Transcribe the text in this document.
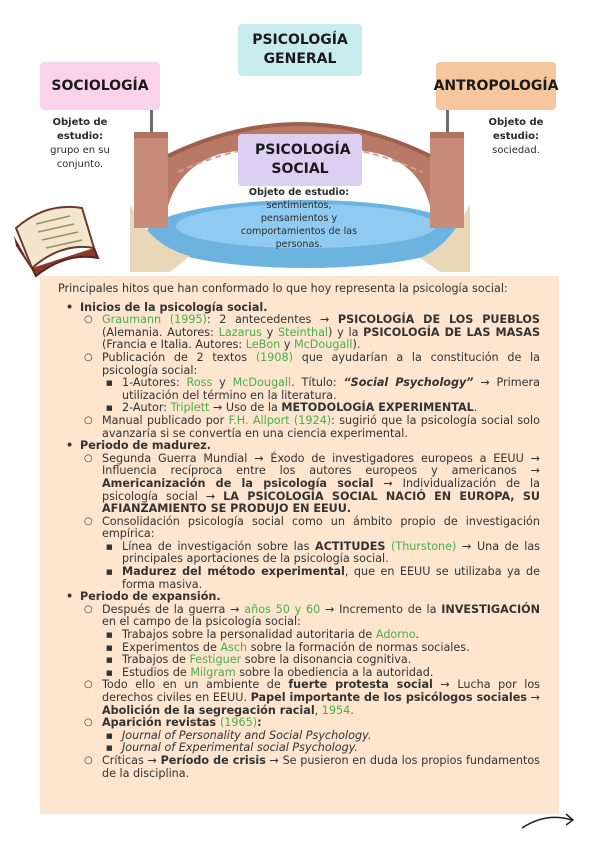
PSICOLOGÍA GENERAL
SOCIOLOGÍA	ANTROPOLOGÍA
PSICOLOGÍA SOCIAL
Objeto de estudio:
grupo en su conjunto.
Objeto de estudio:
sociedad.
Objeto de estudio:
sentimientos, pensamientos y comportamientos de las personas.

Principales hitos que han conformado lo que hoy representa la psicología social:

• Inicios de la psicología social.
○ Graumann (1995): 2 antecedentes → PSICOLOGÍA DE LOS PUEBLOS (Alemania. Autores: Lazarus y Steinthal) y la PSICOLOGÍA DE LAS MASAS (Francia e Italia. Autores: LeBon y McDougall).
○ Publicación de 2 textos (1908) que ayudarían a la constitución de la psicología social:
■ 1-Autores: Ross y McDougall. Título: “Social Psychology” → Primera utilización del término en la literatura.
■ 2-Autor: Triplett → Uso de la METODOLOGÍA EXPERIMENTAL.
○ Manual publicado por F.H. Allport (1924): sugirió que la psicología social solo avanzaría si se convertía en una ciencia experimental.
• Periodo de madurez.
○ Segunda Guerra Mundial → Éxodo de investigadores europeos a EEUU → Influencia recíproca entre los autores europeos y americanos → Americanización de la psicología social → Individualización de la psicología social → LA PSICOLOGÍA SOCIAL NACIÓ EN EUROPA, SU AFIANZAMIENTO SE PRODUJO EN EEUU.
○ Consolidación psicología social como un ámbito propio de investigación empírica:
■ Línea de investigación sobre las ACTITUDES (Thurstone) → Una de las principales aportaciones de la psicología social.
■ Madurez del método experimental, que en EEUU se utilizaba ya de forma masiva.
• Periodo de expansión.
○ Después de la guerra → años 50 y 60 → Incremento de la INVESTIGACIÓN en el campo de la psicología social:
■ Trabajos sobre la personalidad autoritaria de Adorno.
■ Experimentos de Asch sobre la formación de normas sociales.
■ Trabajos de Festiguer sobre la disonancia cognitiva.
■ Estudios de Milgram sobre la obediencia a la autoridad.
○ Todo ello en un ambiente de fuerte protesta social → Lucha por los derechos civiles en EEUU. Papel importante de los psicólogos sociales → Abolición de la segregación racial, 1954.
○ Aparición revistas (1965):
■ Journal of Personality and Social Psychology.
■ Journal of Experimental social Psychology.
○ Críticas → Período de crisis → Se pusieron en duda los propios fundamentos de la disciplina.
